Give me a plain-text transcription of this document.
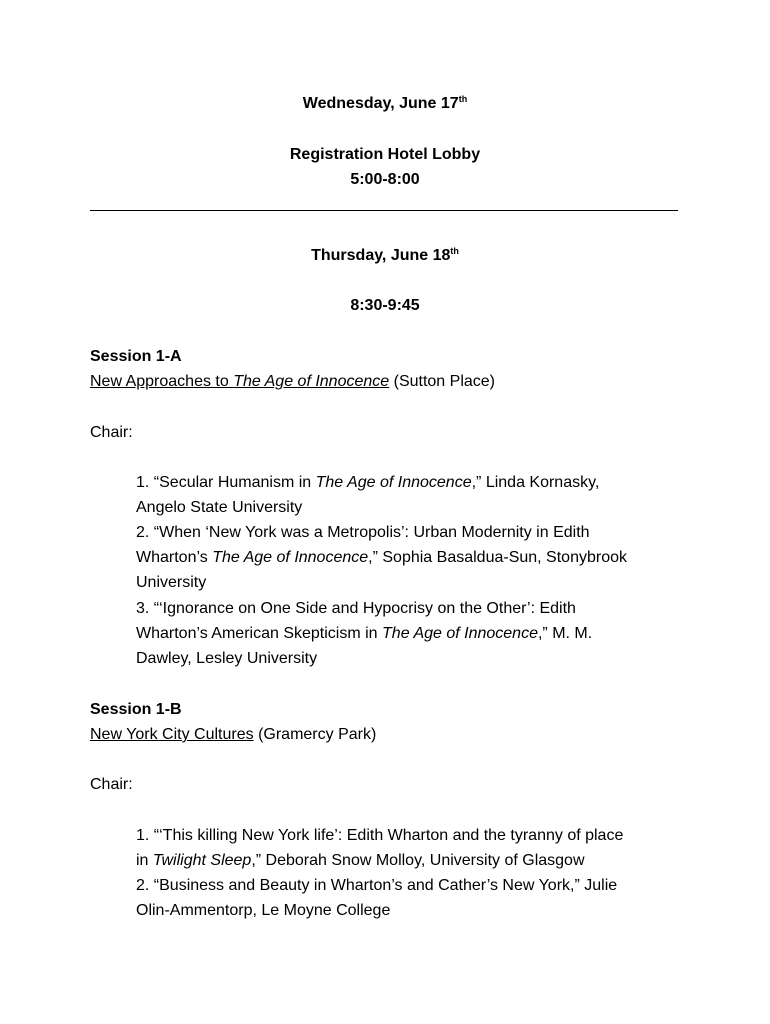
Wednesday, June 17th
Registration Hotel Lobby
5:00-8:00
Thursday, June 18th
8:30-9:45
Session 1-A
New Approaches to The Age of Innocence (Sutton Place)
Chair:
1. “Secular Humanism in The Age of Innocence,” Linda Kornasky,
Angelo State University
2. “When ‘New York was a Metropolis’: Urban Modernity in Edith
Wharton’s The Age of Innocence,” Sophia Basaldua-Sun, Stonybrook
University
3. “‘Ignorance on One Side and Hypocrisy on the Other’: Edith
Wharton’s American Skepticism in The Age of Innocence,” M. M.
Dawley, Lesley University
Session 1-B
New York City Cultures (Gramercy Park)
Chair:
1. “‘This killing New York life’: Edith Wharton and the tyranny of place
in Twilight Sleep,” Deborah Snow Molloy, University of Glasgow
2. “Business and Beauty in Wharton’s and Cather’s New York,” Julie
Olin-Ammentorp, Le Moyne College
